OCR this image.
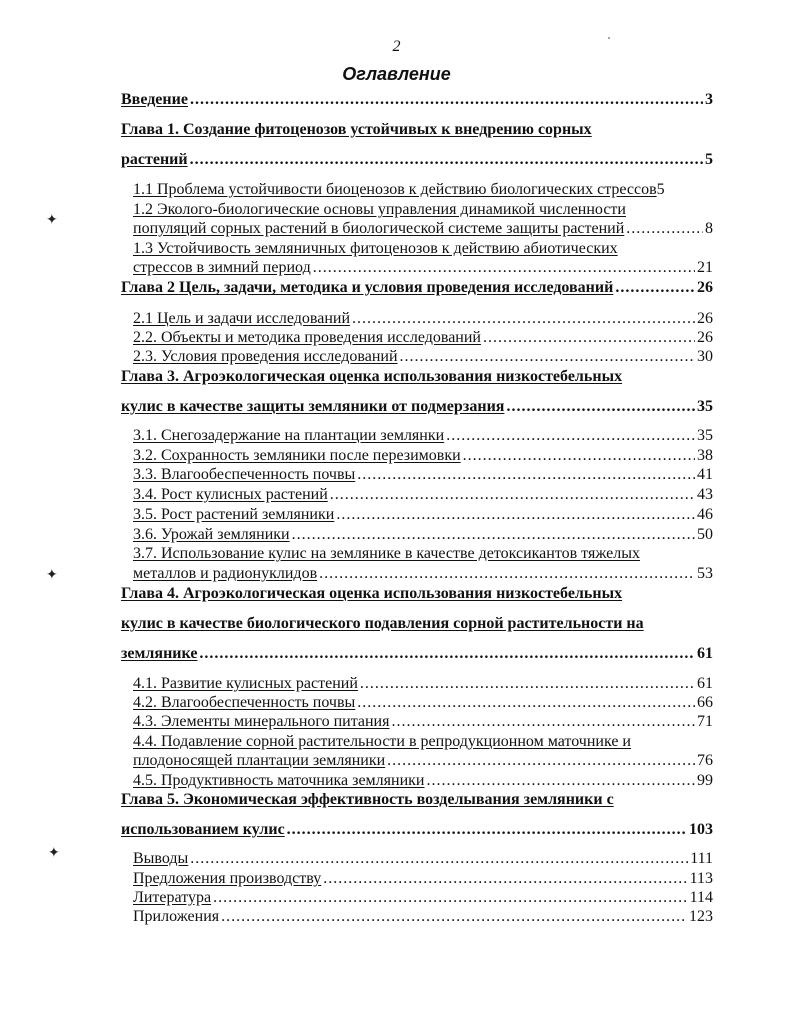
2
Оглавление
✦
✦
✦
Введение .....	3
Глава 1. Создание фитоценозов устойчивых к внедрению сорных
растений .....	5
1.1 Проблема устойчивости биоценозов к действию биологических стрессов 5
1.2 Эколого-биологические основы управления динамикой численности
популяций сорных растений в биологической системе защиты растений .....	8
1.3 Устойчивость земляничных фитоценозов к действию абиотических
стрессов в зимний период .....	21
Глава 2 Цель, задачи, методика и условия проведения исследований .....	26
2.1 Цель и задачи исследований .....	26
2.2. Объекты и методика проведения исследований .....	26
2.3. Условия проведения исследований .....	30
Глава 3. Агроэкологическая оценка использования низкостебельных
кулис в качестве защиты земляники от подмерзания .....	35
3.1. Снегозадержание на плантации землянки .....	35
3.2. Сохранность земляники после перезимовки .....	38
3.3. Влагообеспеченность почвы .....	41
3.4. Рост кулисных растений .....	43
3.5. Рост растений земляники .....	46
3.6. Урожай земляники .....	50
3.7. Использование кулис на землянике в качестве детоксикантов тяжелых
металлов и радионуклидов .....	53
Глава 4. Агроэкологическая оценка использования низкостебельных
кулис в качестве биологического подавления сорной растительности на
землянике .....	61
4.1. Развитие кулисных растений .....	61
4.2. Влагообеспеченность почвы .....	66
4.3. Элементы минерального питания .....	71
4.4. Подавление сорной растительности в репродукционном маточнике и
плодоносящей плантации земляники .....	76
4.5. Продуктивность маточника земляники .....	99
Глава 5. Экономическая эффективность возделывания земляники с
использованием кулис .....	103
Выводы .....	111
Предложения производству .....	113
Литература .....	114
Приложения .....	123
